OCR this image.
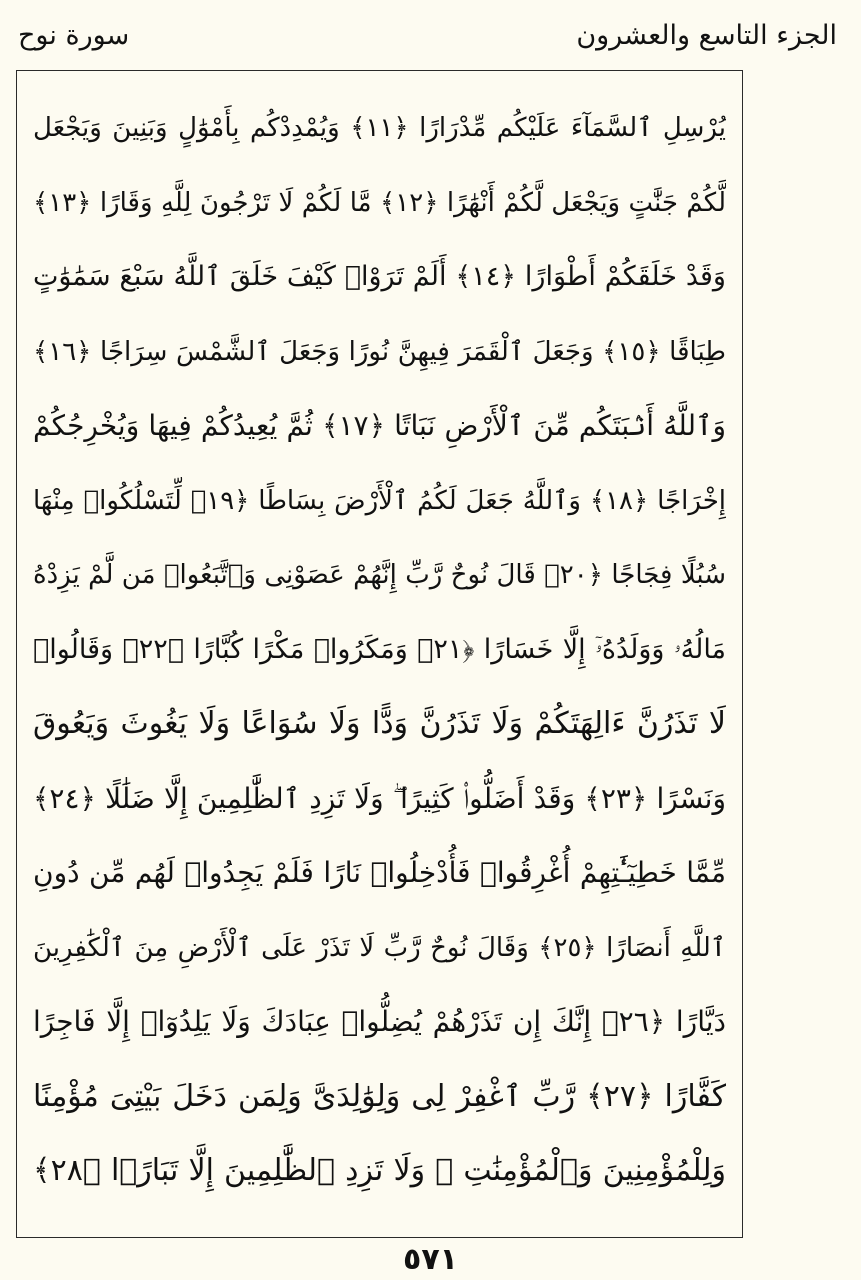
الجزء التاسع والعشرون
سورة نوح
يُرْسِلِ ٱلسَّمَآءَ عَلَيْكُم مِّدْرَارًا ﴿١١﴾ وَيُمْدِدْكُم بِأَمْوَٰلٍ وَبَنِينَ وَيَجْعَل
لَّكُمْ جَنَّٰتٍ وَيَجْعَل لَّكُمْ أَنْهَٰرًا ﴿١٢﴾ مَّا لَكُمْ لَا تَرْجُونَ لِلَّهِ وَقَارًا ﴿١٣﴾
وَقَدْ خَلَقَكُمْ أَطْوَارًا ﴿١٤﴾ أَلَمْ تَرَوْا۟ كَيْفَ خَلَقَ ٱللَّهُ سَبْعَ سَمَٰوَٰتٍ
طِبَاقًا ﴿١٥﴾ وَجَعَلَ ٱلْقَمَرَ فِيهِنَّ نُورًا وَجَعَلَ ٱلشَّمْسَ سِرَاجًا ﴿١٦﴾
وَٱللَّهُ أَنۢبَتَكُم مِّنَ ٱلْأَرْضِ نَبَاتًا ﴿١٧﴾ ثُمَّ يُعِيدُكُمْ فِيهَا وَيُخْرِجُكُمْ
إِخْرَاجًا ﴿١٨﴾ وَٱللَّهُ جَعَلَ لَكُمُ ٱلْأَرْضَ بِسَاطًا ﴿١٩﴾ لِّتَسْلُكُوا۟ مِنْهَا
سُبُلًا فِجَاجًا ﴿٢٠﴾ قَالَ نُوحٌ رَّبِّ إِنَّهُمْ عَصَوْنِى وَٱتَّبَعُوا۟ مَن لَّمْ يَزِدْهُ
مَالُهُۥ وَوَلَدُهُۥٓ إِلَّا خَسَارًا ﴿٢١﴾ وَمَكَرُوا۟ مَكْرًا كُبَّارًا ﴿٢٢﴾ وَقَالُوا۟
لَا تَذَرُنَّ ءَالِهَتَكُمْ وَلَا تَذَرُنَّ وَدًّا وَلَا سُوَاعًا وَلَا يَغُوثَ وَيَعُوقَ
وَنَسْرًا ﴿٢٣﴾ وَقَدْ أَضَلُّوا۟ كَثِيرًا ۖ وَلَا تَزِدِ ٱلظَّٰلِمِينَ إِلَّا ضَلَٰلًا ﴿٢٤﴾
مِّمَّا خَطِيٓـَٰٔتِهِمْ أُغْرِقُوا۟ فَأُدْخِلُوا۟ نَارًا فَلَمْ يَجِدُوا۟ لَهُم مِّن دُونِ
ٱللَّهِ أَنصَارًا ﴿٢٥﴾ وَقَالَ نُوحٌ رَّبِّ لَا تَذَرْ عَلَى ٱلْأَرْضِ مِنَ ٱلْكَٰفِرِينَ
دَيَّارًا ﴿٢٦﴾ إِنَّكَ إِن تَذَرْهُمْ يُضِلُّوا۟ عِبَادَكَ وَلَا يَلِدُوٓا۟ إِلَّا فَاجِرًا
كَفَّارًا ﴿٢٧﴾ رَّبِّ ٱغْفِرْ لِى وَلِوَٰلِدَىَّ وَلِمَن دَخَلَ بَيْتِىَ مُؤْمِنًا
وَلِلْمُؤْمِنِينَ وَٱلْمُؤْمِنَٰتِ ۖ وَلَا تَزِدِ ٱلظَّٰلِمِينَ إِلَّا تَبَارًۢا ﴿٢٨﴾
٥٧١
